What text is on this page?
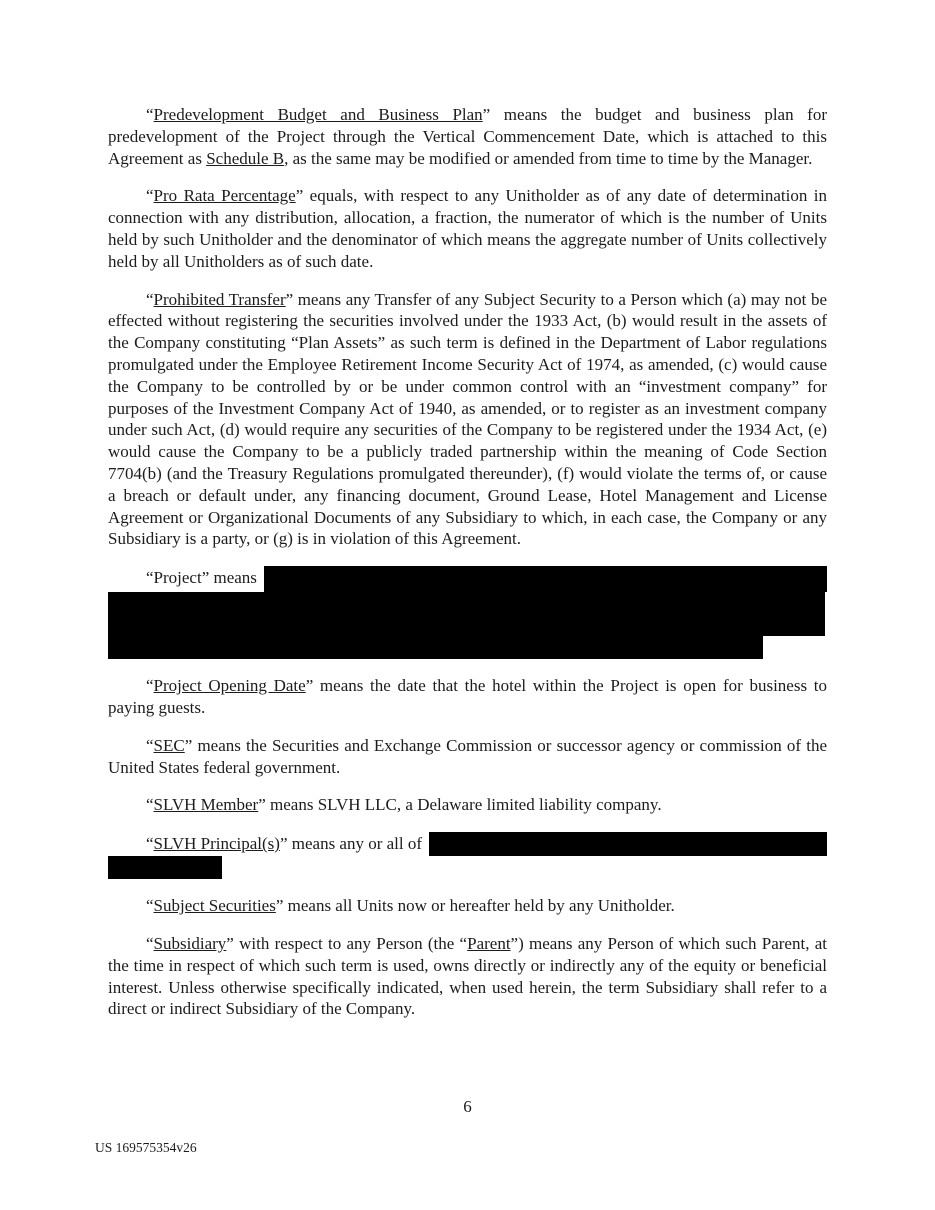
“Predevelopment Budget and Business Plan” means the budget and business plan for predevelopment of the Project through the Vertical Commencement Date, which is attached to this Agreement as Schedule B, as the same may be modified or amended from time to time by the Manager.

“Pro Rata Percentage” equals, with respect to any Unitholder as of any date of determination in connection with any distribution, allocation, a fraction, the numerator of which is the number of Units held by such Unitholder and the denominator of which means the aggregate number of Units collectively held by all Unitholders as of such date.

“Prohibited Transfer” means any Transfer of any Subject Security to a Person which (a) may not be effected without registering the securities involved under the 1933 Act, (b) would result in the assets of the Company constituting “Plan Assets” as such term is defined in the Department of Labor regulations promulgated under the Employee Retirement Income Security Act of 1974, as amended, (c) would cause the Company to be controlled by or be under common control with an “investment company” for purposes of the Investment Company Act of 1940, as amended, or to register as an investment company under such Act, (d) would require any securities of the Company to be registered under the 1934 Act, (e) would cause the Company to be a publicly traded partnership within the meaning of Code Section 7704(b) (and the Treasury Regulations promulgated thereunder), (f) would violate the terms of, or cause a breach or default under, any financing document, Ground Lease, Hotel Management and License Agreement or Organizational Documents of any Subsidiary to which, in each case, the Company or any Subsidiary is a party, or (g) is in violation of this Agreement.

“Project” means

“Project Opening Date” means the date that the hotel within the Project is open for business to paying guests.

“SEC” means the Securities and Exchange Commission or successor agency or commission of the United States federal government.

“SLVH Member” means SLVH LLC, a Delaware limited liability company.

“SLVH Principal(s)” means any or all of

“Subject Securities” means all Units now or hereafter held by any Unitholder.

“Subsidiary” with respect to any Person (the “Parent”) means any Person of which such Parent, at the time in respect of which such term is used, owns directly or indirectly any of the equity or beneficial interest. Unless otherwise specifically indicated, when used herein, the term Subsidiary shall refer to a direct or indirect Subsidiary of the Company.

6
US 169575354v26
